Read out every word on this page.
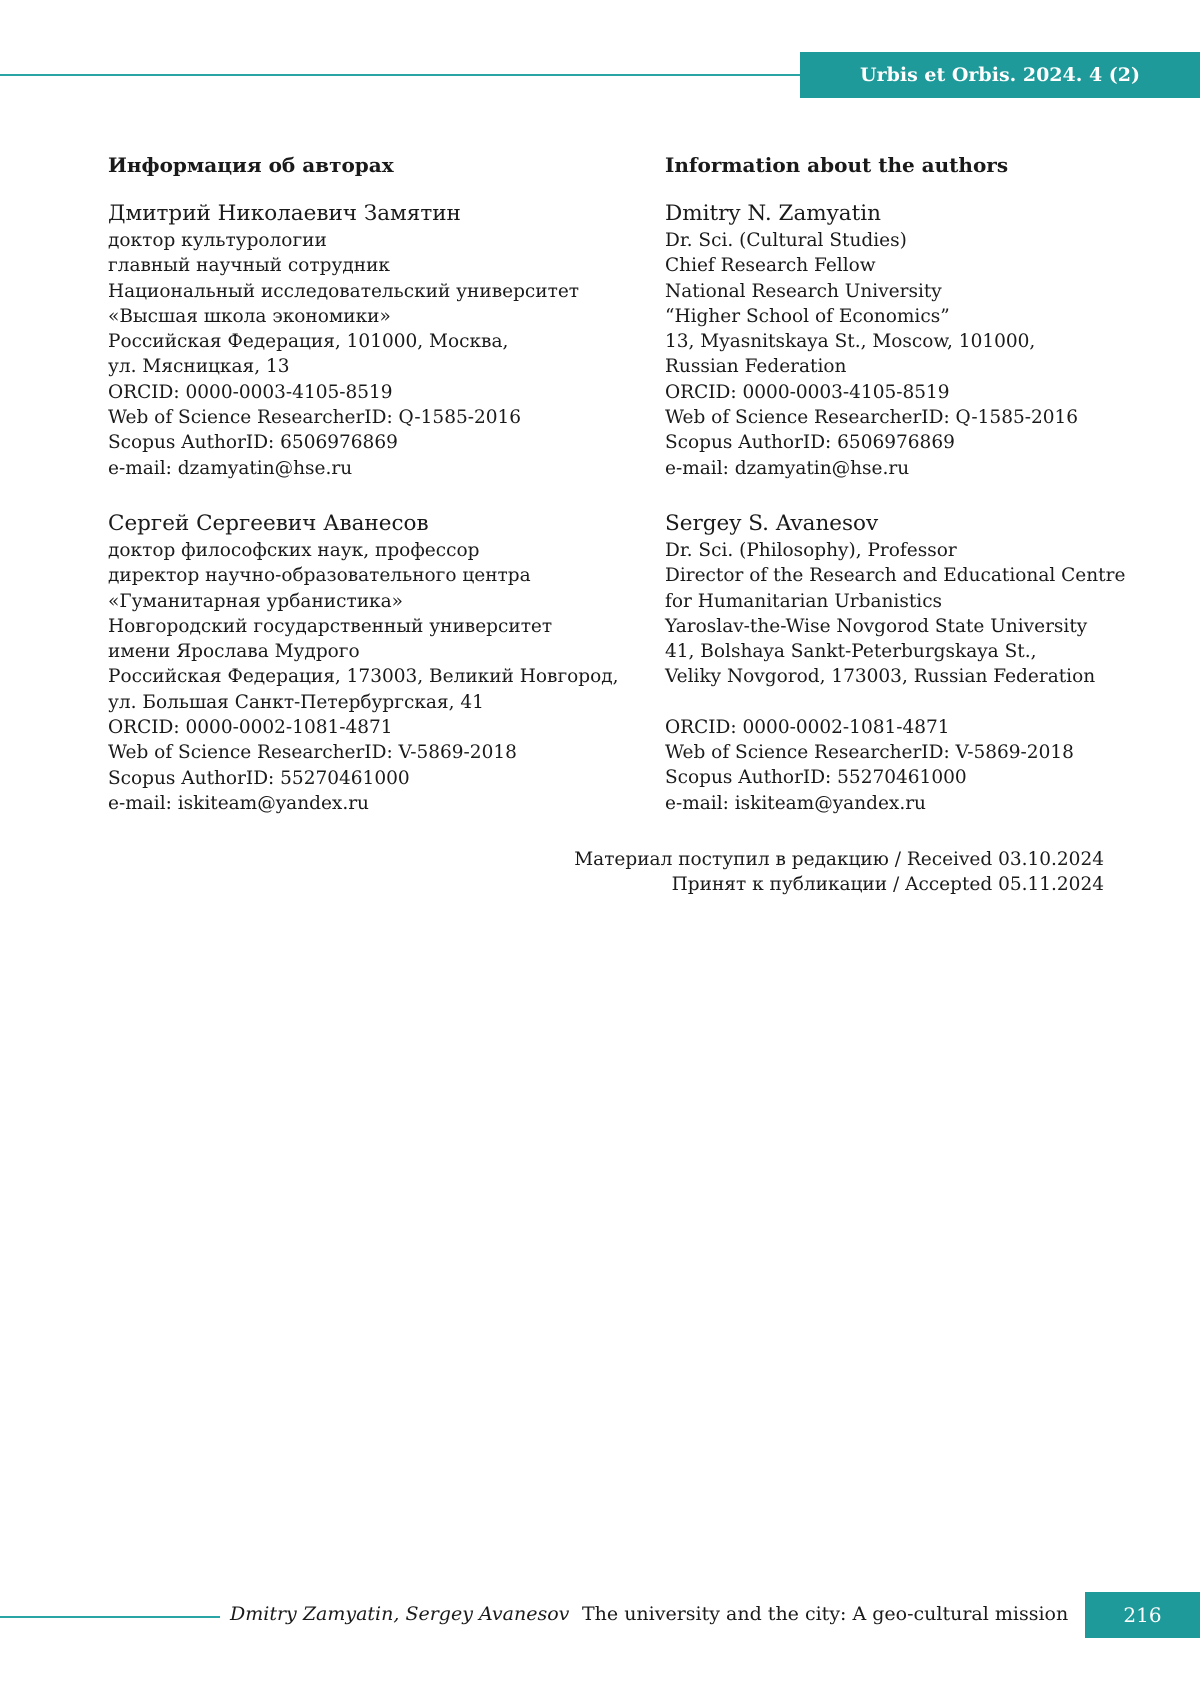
Urbis et Orbis. 2024. 4 (2)
Информация об авторах
Дмитрий Николаевич Замятин
доктор культурологии
главный научный сотрудник
Национальный исследовательский университет
«Высшая школа экономики»
Российская Федерация, 101000, Москва,
ул. Мясницкая, 13
ORCID: 0000-0003-4105-8519
Web of Science ResearcherID: Q-1585-2016
Scopus AuthorID: 6506976869
e-mail: dzamyatin@hse.ru
Сергей Сергеевич Аванесов
доктор философских наук, профессор
директор научно-образовательного центра
«Гуманитарная урбанистика»
Новгородский государственный университет
имени Ярослава Мудрого
Российская Федерация, 173003, Великий Новгород,
ул. Большая Санкт-Петербургская, 41
ORCID: 0000-0002-1081-4871
Web of Science ResearcherID: V-5869-2018
Scopus AuthorID: 55270461000
e-mail: iskiteam@yandex.ru
Information about the authors
Dmitry N. Zamyatin
Dr. Sci. (Cultural Studies)
Chief Research Fellow
National Research University
“Higher School of Economics”
13, Myasnitskaya St., Moscow, 101000,
Russian Federation
ORCID: 0000-0003-4105-8519
Web of Science ResearcherID: Q-1585-2016
Scopus AuthorID: 6506976869
e-mail: dzamyatin@hse.ru
Sergey S. Avanesov
Dr. Sci. (Philosophy), Professor
Director of the Research and Educational Centre
for Humanitarian Urbanistics
Yaroslav-the-Wise Novgorod State University
41, Bolshaya Sankt-Peterburgskaya St.,
Veliky Novgorod, 173003, Russian Federation
ORCID: 0000-0002-1081-4871
Web of Science ResearcherID: V-5869-2018
Scopus AuthorID: 55270461000
e-mail: iskiteam@yandex.ru
Материал поступил в редакцию / Received 03.10.2024
Принят к публикации / Accepted 05.11.2024
Dmitry Zamyatin, Sergey Avanesov The university and the city: A geo-cultural mission	216
